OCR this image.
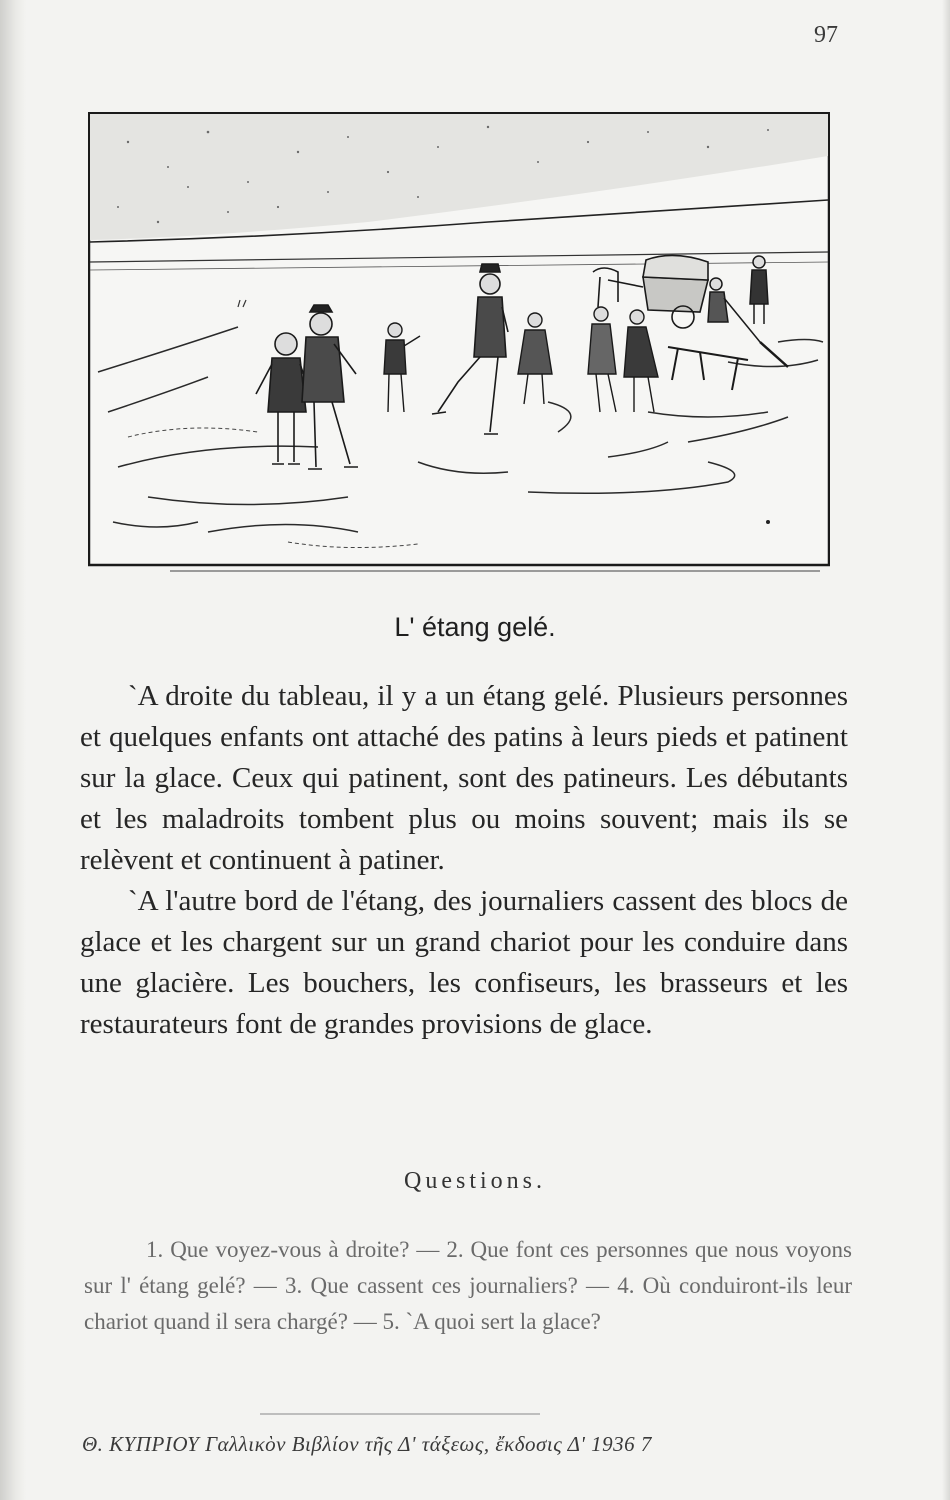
97
L' étang gelé.

`A droite du tableau, il y a un étang gelé. Plusieurs personnes et quelques enfants ont attaché des patins à leurs pieds et patinent sur la glace. Ceux qui patinent, sont des patineurs. Les débutants et les maladroits tombent plus ou moins souvent; mais ils se relèvent et continuent à patiner.

`A l'autre bord de l'étang, des journaliers cassent des blocs de glace et les chargent sur un grand chariot pour les conduire dans une glacière. Les bouchers, les confiseurs, les brasseurs et les restaurateurs font de grandes provisions de glace.

Questions.

1. Que voyez-vous à droite? — 2. Que font ces personnes que nous voyons sur l' étang gelé? — 3. Que cassent ces journaliers? — 4. Où conduiront-ils leur chariot quand il sera chargé? — 5. `A quoi sert la glace?

Θ. ΚΥΠΡΙΟΥ Γαλλικὸν Βιβλίον τῆς Δ' τάξεως, ἔκδοσις Δ' 1936 7
